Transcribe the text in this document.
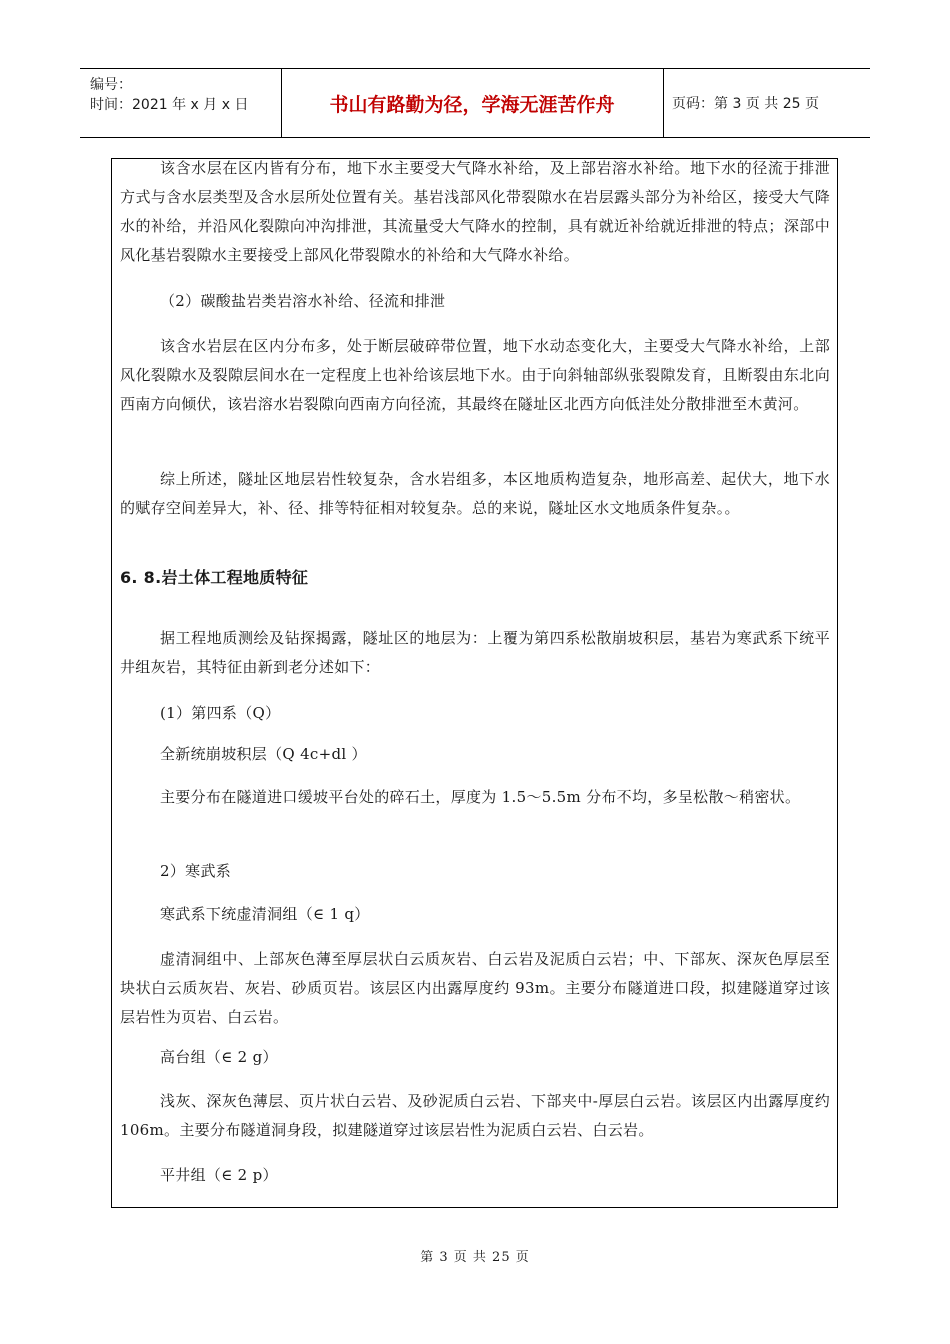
编号：
时间：2021 年 x 月 x 日	书山有路勤为径，学海无涯苦作舟	页码：第 3 页 共 25 页

该含水层在区内皆有分布，地下水主要受大气降水补给，及上部岩溶水补给。地下水的径流于排泄方式与含水层类型及含水层所处位置有关。基岩浅部风化带裂隙水在岩层露头部分为补给区，接受大气降水的补给，并沿风化裂隙向冲沟排泄，其流量受大气降水的控制，具有就近补给就近排泄的特点；深部中风化基岩裂隙水主要接受上部风化带裂隙水的补给和大气降水补给。

（2）碳酸盐岩类岩溶水补给、径流和排泄

该含水岩层在区内分布多，处于断层破碎带位置，地下水动态变化大，主要受大气降水补给，上部风化裂隙水及裂隙层间水在一定程度上也补给该层地下水。由于向斜轴部纵张裂隙发育，且断裂由东北向西南方向倾伏，该岩溶水岩裂隙向西南方向径流，其最终在隧址区北西方向低洼处分散排泄至木黄河。

综上所述，隧址区地层岩性较复杂，含水岩组多，本区地质构造复杂，地形高差、起伏大，地下水的赋存空间差异大，补、径、排等特征相对较复杂。总的来说，隧址区水文地质条件复杂。。

6. 8.岩土体工程地质特征

据工程地质测绘及钻探揭露，隧址区的地层为：上覆为第四系松散崩坡积层，基岩为寒武系下统平井组灰岩，其特征由新到老分述如下：

(1）第四系（Q）

全新统崩坡积层（Q 4c+dl ）

主要分布在隧道进口缓坡平台处的碎石土，厚度为 1.5～5.5m 分布不均，多呈松散～稍密状。

2）寒武系

寒武系下统虚清洞组（∈ 1 q）

虚清洞组中、上部灰色薄至厚层状白云质灰岩、白云岩及泥质白云岩；中、下部灰、深灰色厚层至块状白云质灰岩、灰岩、砂质页岩。该层区内出露厚度约 93m。主要分布隧道进口段，拟建隧道穿过该层岩性为页岩、白云岩。

高台组（∈ 2 g）

浅灰、深灰色薄层、页片状白云岩、及砂泥质白云岩、下部夹中-厚层白云岩。该层区内出露厚度约 106m。主要分布隧道洞身段，拟建隧道穿过该层岩性为泥质白云岩、白云岩。

平井组（∈ 2 p）

第 3 页 共 25 页
